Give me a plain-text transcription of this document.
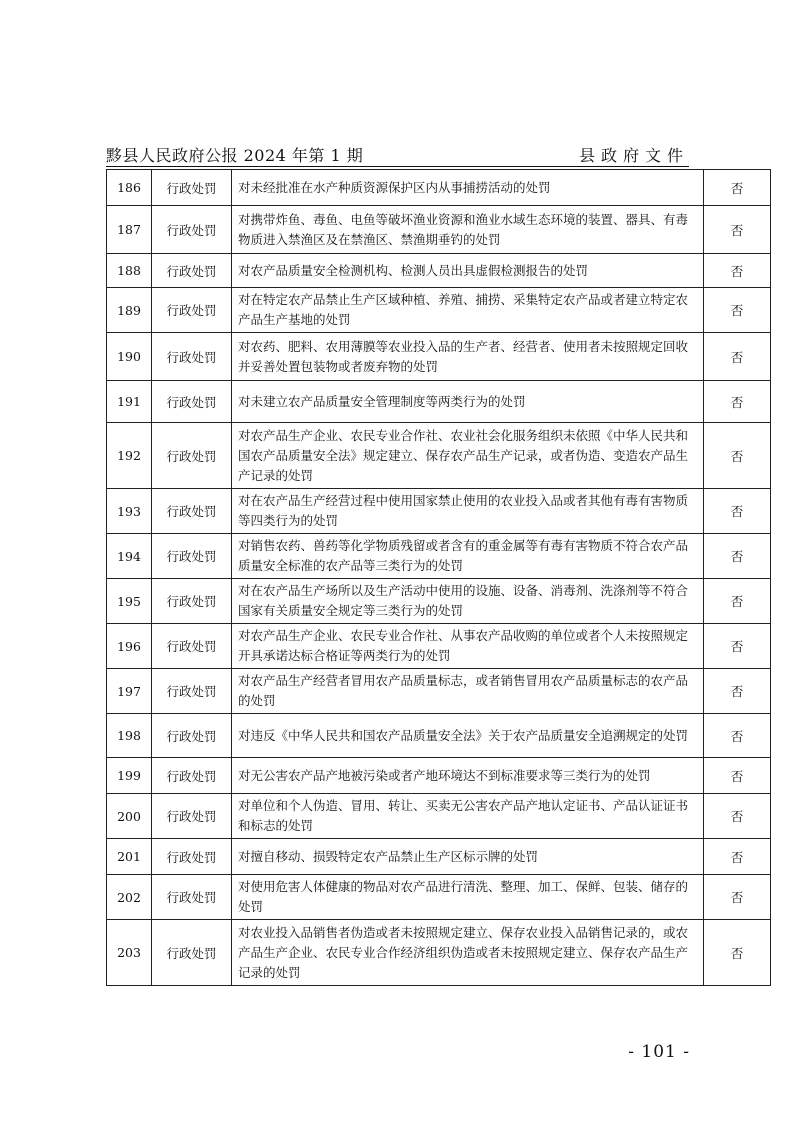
黟县人民政府公报 2024 年第 1 期	县政府文件
186	行政处罚	对未经批准在水产种质资源保护区内从事捕捞活动的处罚	否
187	行政处罚	对携带炸鱼、毒鱼、电鱼等破坏渔业资源和渔业水域生态环境的装置、器具、有毒物质进入禁渔区及在禁渔区、禁渔期垂钓的处罚	否
188	行政处罚	对农产品质量安全检测机构、检测人员出具虚假检测报告的处罚	否
189	行政处罚	对在特定农产品禁止生产区域种植、养殖、捕捞、采集特定农产品或者建立特定农产品生产基地的处罚	否
190	行政处罚	对农药、肥料、农用薄膜等农业投入品的生产者、经营者、使用者未按照规定回收并妥善处置包装物或者废弃物的处罚	否
191	行政处罚	对未建立农产品质量安全管理制度等两类行为的处罚	否
192	行政处罚	对农产品生产企业、农民专业合作社、农业社会化服务组织未依照《中华人民共和国农产品质量安全法》规定建立、保存农产品生产记录，或者伪造、变造农产品生产记录的处罚	否
193	行政处罚	对在农产品生产经营过程中使用国家禁止使用的农业投入品或者其他有毒有害物质等四类行为的处罚	否
194	行政处罚	对销售农药、兽药等化学物质残留或者含有的重金属等有毒有害物质不符合农产品质量安全标准的农产品等三类行为的处罚	否
195	行政处罚	对在农产品生产场所以及生产活动中使用的设施、设备、消毒剂、洗涤剂等不符合国家有关质量安全规定等三类行为的处罚	否
196	行政处罚	对农产品生产企业、农民专业合作社、从事农产品收购的单位或者个人未按照规定开具承诺达标合格证等两类行为的处罚	否
197	行政处罚	对农产品生产经营者冒用农产品质量标志，或者销售冒用农产品质量标志的农产品的处罚	否
198	行政处罚	对违反《中华人民共和国农产品质量安全法》关于农产品质量安全追溯规定的处罚	否
199	行政处罚	对无公害农产品产地被污染或者产地环境达不到标准要求等三类行为的处罚	否
200	行政处罚	对单位和个人伪造、冒用、转让、买卖无公害农产品产地认定证书、产品认证证书和标志的处罚	否
201	行政处罚	对擅自移动、损毁特定农产品禁止生产区标示牌的处罚	否
202	行政处罚	对使用危害人体健康的物品对农产品进行清洗、整理、加工、保鲜、包装、储存的处罚	否
203	行政处罚	对农业投入品销售者伪造或者未按照规定建立、保存农业投入品销售记录的，或农产品生产企业、农民专业合作经济组织伪造或者未按照规定建立、保存农产品生产记录的处罚	否
- 101 -
